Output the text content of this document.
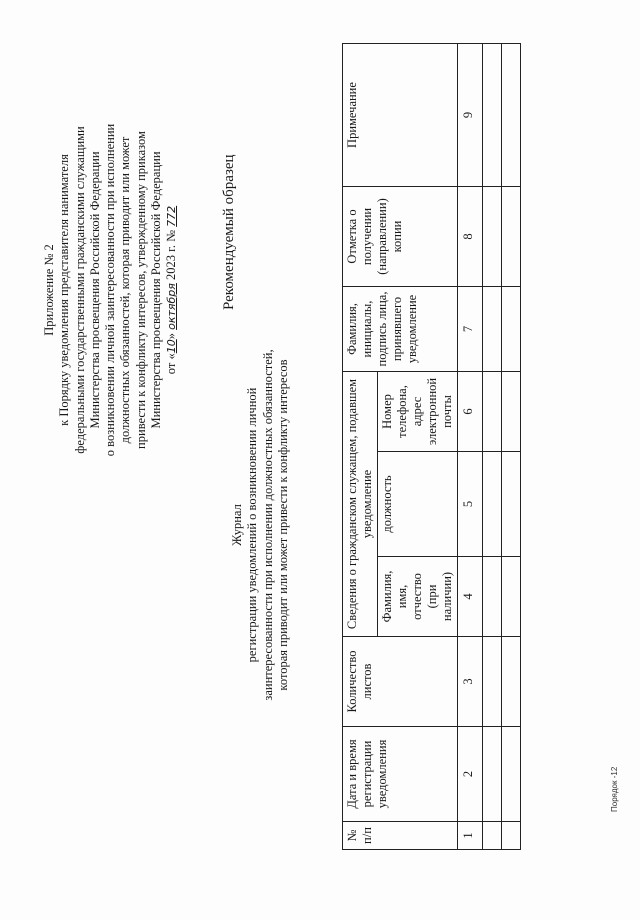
Приложение № 2 к Порядку уведомления представителя нанимателя федеральными государственными гражданскими служащими Министерства просвещения Российской Федерации о возникновении личной заинтересованности при исполнении должностных обязанностей, которая приводит или может привести к конфликту интересов, утвержденному приказом Министерства просвещения Российской Федерации от «10» октября 2023 г. № 772	Рекомендуемый образец
Журнал регистрации уведомлений о возникновении личной заинтересованности при исполнении должностных обязанностей, которая приводит или может привести к конфликту интересов
№ п/п	Дата и время регистрации уведомления	Количество листов	Сведения о гражданском служащем, подавшем уведомление			Фамилия, инициалы, подпись лица, принявшего уведомление	Отметка о получении (направлении) копии	Примечание
			Фамилия, имя, отчество (при наличии)	должность	Номер телефона, адрес электронной почты			
1	2	3	4	5	6	7	8	9

Порядок -12
